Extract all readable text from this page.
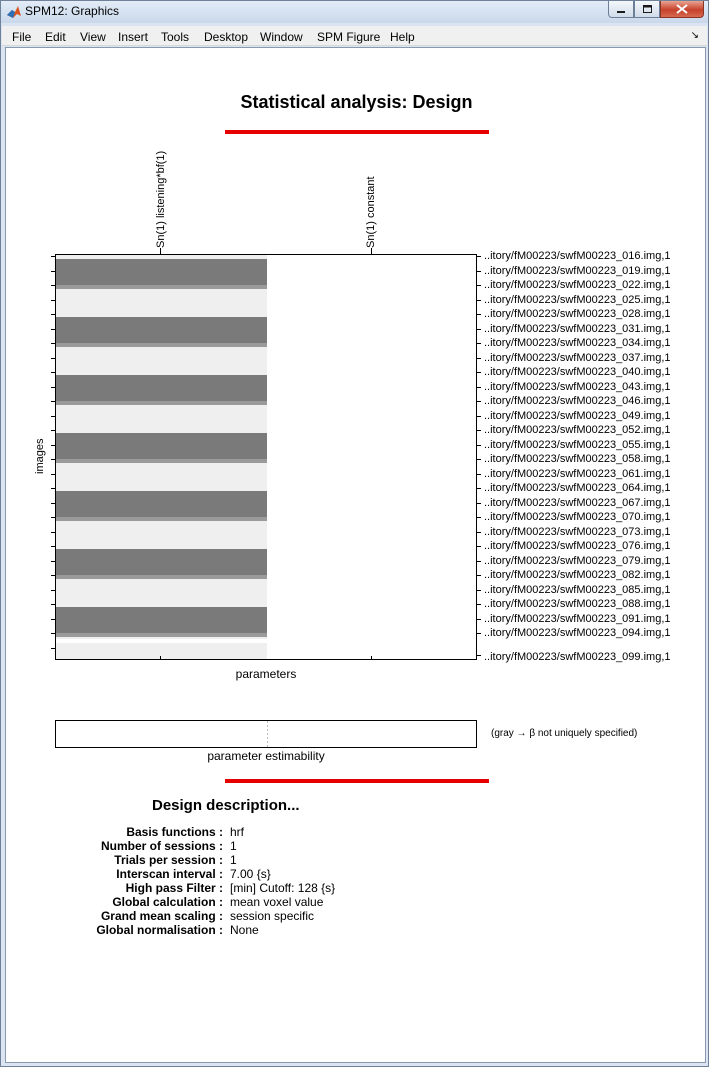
SPM12: Graphics
File Edit View Insert Tools Desktop Window SPM Figure Help	↘
Statistical analysis: Design
Sn(1) listening*bf(1)	Sn(1) constant
images
..itory/fM00223/swfM00223_016.img,1
..itory/fM00223/swfM00223_019.img,1
..itory/fM00223/swfM00223_022.img,1
..itory/fM00223/swfM00223_025.img,1
..itory/fM00223/swfM00223_028.img,1
..itory/fM00223/swfM00223_031.img,1
..itory/fM00223/swfM00223_034.img,1
..itory/fM00223/swfM00223_037.img,1
..itory/fM00223/swfM00223_040.img,1
..itory/fM00223/swfM00223_043.img,1
..itory/fM00223/swfM00223_046.img,1
..itory/fM00223/swfM00223_049.img,1
..itory/fM00223/swfM00223_052.img,1
..itory/fM00223/swfM00223_055.img,1
..itory/fM00223/swfM00223_058.img,1
..itory/fM00223/swfM00223_061.img,1
..itory/fM00223/swfM00223_064.img,1
..itory/fM00223/swfM00223_067.img,1
..itory/fM00223/swfM00223_070.img,1
..itory/fM00223/swfM00223_073.img,1
..itory/fM00223/swfM00223_076.img,1
..itory/fM00223/swfM00223_079.img,1
..itory/fM00223/swfM00223_082.img,1
..itory/fM00223/swfM00223_085.img,1
..itory/fM00223/swfM00223_088.img,1
..itory/fM00223/swfM00223_091.img,1
..itory/fM00223/swfM00223_094.img,1
..itory/fM00223/swfM00223_099.img,1
parameters
(gray → β not uniquely specified)
parameter estimability
Design description...
Basis functions : hrf
Number of sessions : 1
Trials per session : 1
Interscan interval : 7.00 {s}
High pass Filter : [min] Cutoff: 128 {s}
Global calculation : mean voxel value
Grand mean scaling : session specific
Global normalisation : None
